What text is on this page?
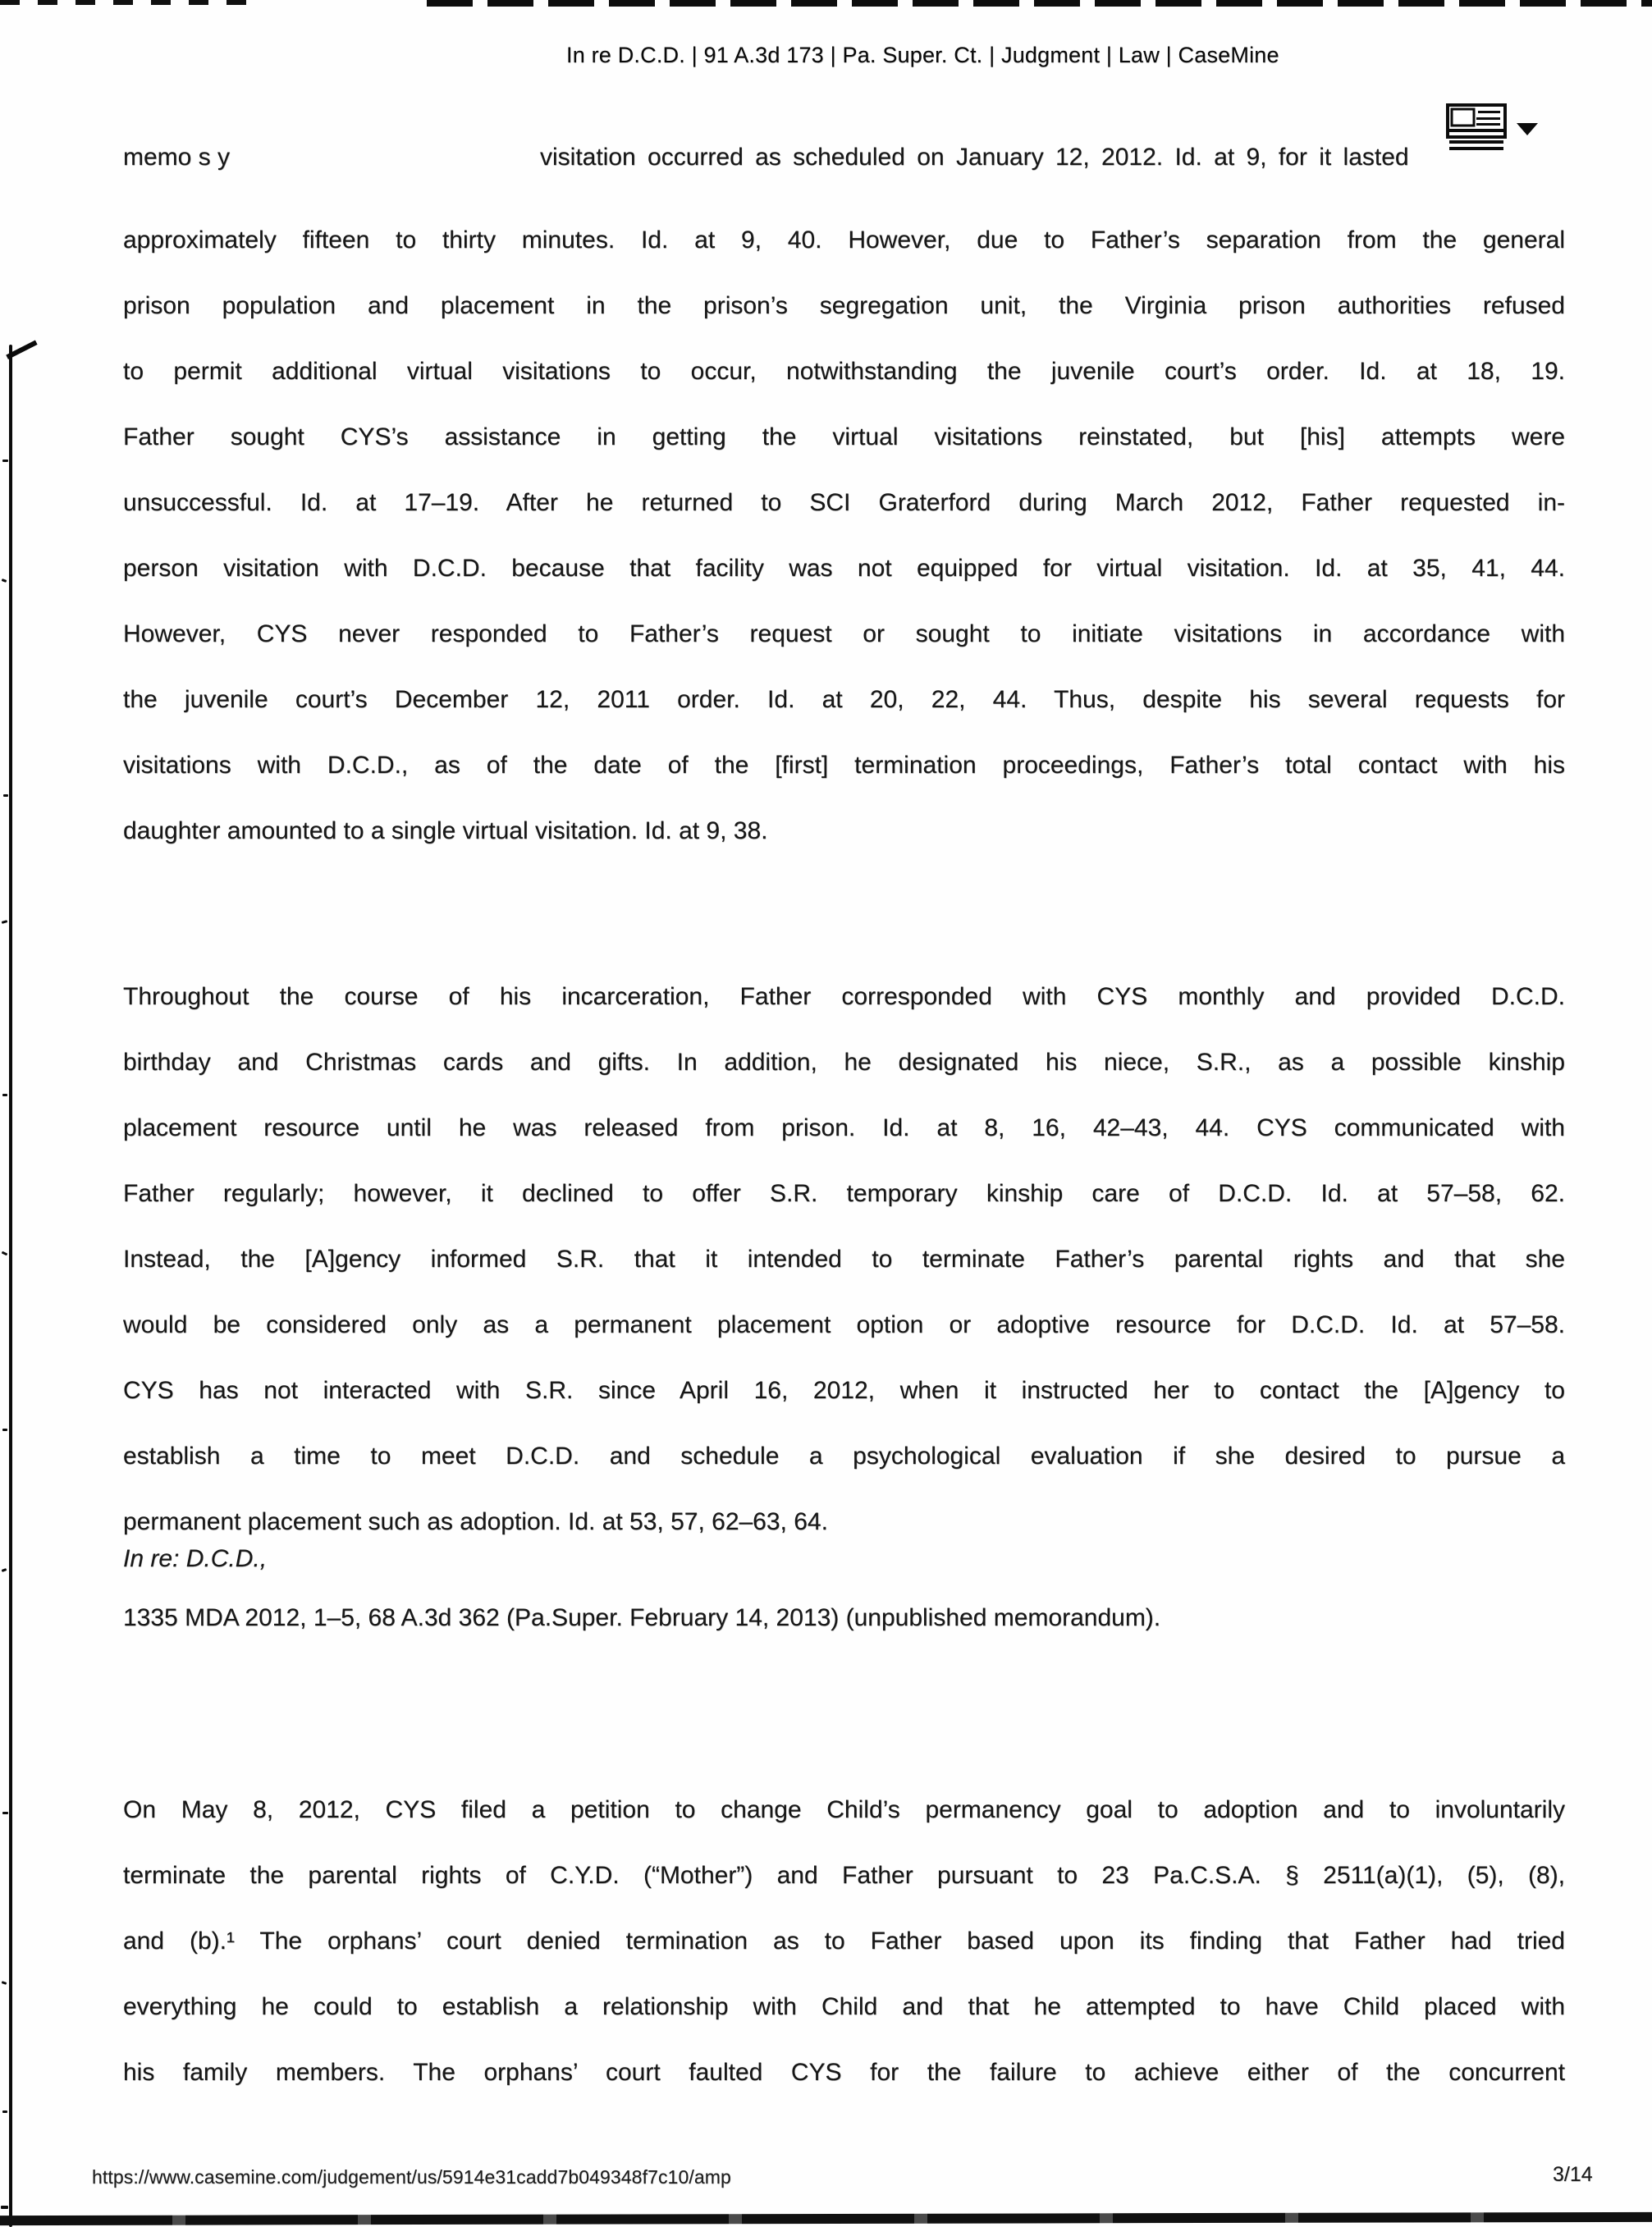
In re D.C.D. | 91 A.3d 173 | Pa. Super. Ct. | Judgment | Law | CaseMine
memo s y	visitation occurred as scheduled on January 12, 2012. Id. at 9, for it lasted
approximately fifteen to thirty minutes. Id. at 9, 40. However, due to Father’s separation from the general
prison population and placement in the prison’s segregation unit, the Virginia prison authorities refused
to permit additional virtual visitations to occur, notwithstanding the juvenile court’s order. Id. at 18, 19.
Father sought CYS’s assistance in getting the virtual visitations reinstated, but [his] attempts were
unsuccessful. Id. at 17–19. After he returned to SCI Graterford during March 2012, Father requested in-
person visitation with D.C.D. because that facility was not equipped for virtual visitation. Id. at 35, 41, 44.
However, CYS never responded to Father’s request or sought to initiate visitations in accordance with
the juvenile court’s December 12, 2011 order. Id. at 20, 22, 44. Thus, despite his several requests for
visitations with D.C.D., as of the date of the [first] termination proceedings, Father’s total contact with his
daughter amounted to a single virtual visitation. Id. at 9, 38.
Throughout the course of his incarceration, Father corresponded with CYS monthly and provided D.C.D.
birthday and Christmas cards and gifts. In addition, he designated his niece, S.R., as a possible kinship
placement resource until he was released from prison. Id. at 8, 16, 42–43, 44. CYS communicated with
Father regularly; however, it declined to offer S.R. temporary kinship care of D.C.D. Id. at 57–58, 62.
Instead, the [A]gency informed S.R. that it intended to terminate Father’s parental rights and that she
would be considered only as a permanent placement option or adoptive resource for D.C.D. Id. at 57–58.
CYS has not interacted with S.R. since April 16, 2012, when it instructed her to contact the [A]gency to
establish a time to meet D.C.D. and schedule a psychological evaluation if she desired to pursue a
permanent placement such as adoption. Id. at 53, 57, 62–63, 64.
In re: D.C.D.,
1335 MDA 2012, 1–5, 68 A.3d 362 (Pa.Super. February 14, 2013) (unpublished memorandum).
On May 8, 2012, CYS filed a petition to change Child’s permanency goal to adoption and to involuntarily
terminate the parental rights of C.Y.D. (“Mother”) and Father pursuant to 23 Pa.C.S.A. § 2511(a)(1), (5), (8),
and (b).¹ The orphans’ court denied termination as to Father based upon its finding that Father had tried
everything he could to establish a relationship with Child and that he attempted to have Child placed with
his family members. The orphans’ court faulted CYS for the failure to achieve either of the concurrent
https://www.casemine.com/judgement/us/5914e31cadd7b049348f7c10/amp	3/14
